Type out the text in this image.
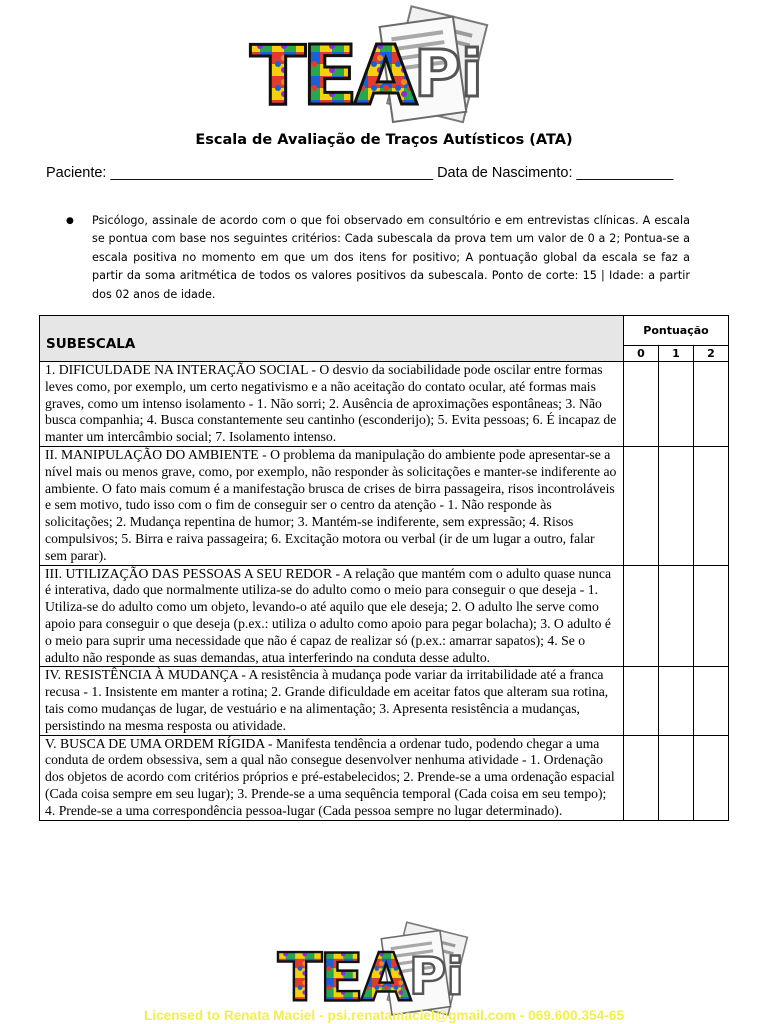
Escala de Avaliação de Traços Autísticos (ATA)
Paciente: ________________________________________ Data de Nascimento: ____________
●	Psicólogo, assinale de acordo com o que foi observado em consultório e em entrevistas clínicas. A escala se pontua com base nos seguintes critérios: Cada subescala da prova tem um valor de 0 a 2; Pontua-se a escala positiva no momento em que um dos itens for positivo; A pontuação global da escala se faz a partir da soma aritmética de todos os valores positivos da subescala. Ponto de corte: 15 | Idade: a partir dos 02 anos de idade.

SUBESCALA	Pontuação		
	0	1	2
1. DIFICULDADE NA INTERAÇÃO SOCIAL - O desvio da sociabilidade pode oscilar entre formas leves como, por exemplo, um certo negativismo e a não aceitação do contato ocular, até formas mais graves, como um intenso isolamento - 1. Não sorri; 2. Ausência de aproximações espontâneas; 3. Não busca companhia; 4. Busca constantemente seu cantinho (esconderijo); 5. Evita pessoas; 6. É incapaz de manter um intercâmbio social; 7. Isolamento intenso.			
II. MANIPULAÇÃO DO AMBIENTE - O problema da manipulação do ambiente pode apresentar-se a nível mais ou menos grave, como, por exemplo, não responder às solicitações e manter-se indiferente ao ambiente. O fato mais comum é a manifestação brusca de crises de birra passageira, risos incontroláveis e sem motivo, tudo isso com o fim de conseguir ser o centro da atenção - 1. Não responde às solicitações; 2. Mudança repentina de humor; 3. Mantém-se indiferente, sem expressão; 4. Risos compulsivos; 5. Birra e raiva passageira; 6. Excitação motora ou verbal (ir de um lugar a outro, falar sem parar).			
III. UTILIZAÇÃO DAS PESSOAS A SEU REDOR - A relação que mantém com o adulto quase nunca é interativa, dado que normalmente utiliza-se do adulto como o meio para conseguir o que deseja - 1. Utiliza-se do adulto como um objeto, levando-o até aquilo que ele deseja; 2. O adulto lhe serve como apoio para conseguir o que deseja (p.ex.: utiliza o adulto como apoio para pegar bolacha); 3. O adulto é o meio para suprir uma necessidade que não é capaz de realizar só (p.ex.: amarrar sapatos); 4. Se o adulto não responde as suas demandas, atua interferindo na conduta desse adulto.			
IV. RESISTÊNCIA À MUDANÇA - A resistência à mudança pode variar da irritabilidade até a franca recusa - 1. Insistente em manter a rotina; 2. Grande dificuldade em aceitar fatos que alteram sua rotina, tais como mudanças de lugar, de vestuário e na alimentação; 3. Apresenta resistência a mudanças, persistindo na mesma resposta ou atividade.			
V. BUSCA DE UMA ORDEM RÍGIDA - Manifesta tendência a ordenar tudo, podendo chegar a uma conduta de ordem obsessiva, sem a qual não consegue desenvolver nenhuma atividade - 1. Ordenação dos objetos de acordo com critérios próprios e pré-estabelecidos; 2. Prende-se a uma ordenação espacial (Cada coisa sempre em seu lugar); 3. Prende-se a uma sequência temporal (Cada coisa em seu tempo); 4. Prende-se a uma correspondência pessoa-lugar (Cada pessoa sempre no lugar determinado).			
Licensed to Renata Maciel - psi.renatamaciel@gmail.com - 069.600.354-65
